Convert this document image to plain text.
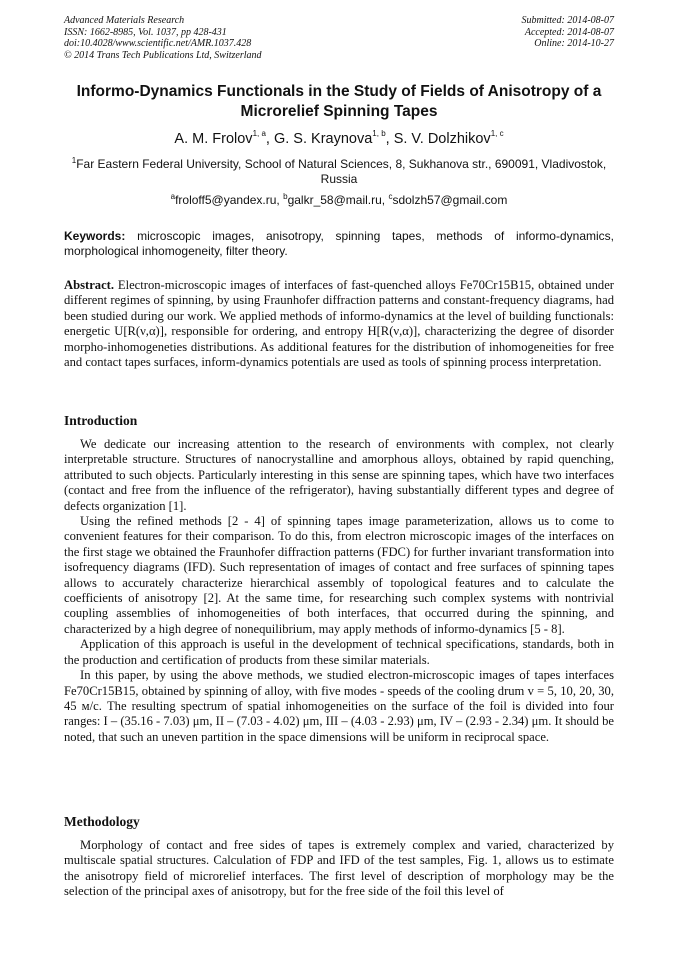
Advanced Materials Research
ISSN: 1662-8985, Vol. 1037, pp 428-431
doi:10.4028/www.scientific.net/AMR.1037.428
© 2014 Trans Tech Publications Ltd, Switzerland
Submitted: 2014-08-07
Accepted: 2014-08-07
Online: 2014-10-27
Informo-Dynamics Functionals in the Study of Fields of Anisotropy of a Microrelief Spinning Tapes
A. M. Frolov$^{1, a}$, G. S. Kraynova$^{1, b}$, S. V. Dolzhikov$^{1, c}$
$^1$Far Eastern Federal University, School of Natural Sciences, 8, Sukhanova str., 690091, Vladivostok, Russia
$^a$froloff5@yandex.ru, $^b$galkr_58@mail.ru, $^c$sdolzh57@gmail.com
Keywords: microscopic images, anisotropy, spinning tapes, methods of informo-dynamics, morphological inhomogeneity, filter theory.

Abstract. Electron-microscopic images of interfaces of fast-quenched alloys Fe70Cr15B15, obtained under different regimes of spinning, by using Fraunhofer diffraction patterns and constant-frequency diagrams, had been studied during our work. We applied methods of informo-dynamics at the level of building functionals: energetic U[R(ν,α)], responsible for ordering, and entropy H[R(ν,α)], characterizing the degree of disorder morpho-inhomogeneties distributions. As additional features for the distribution of inhomogeneities for free and contact tapes surfaces, inform-dynamics potentials are used as tools of spinning process interpretation.

Introduction

We dedicate our increasing attention to the research of environments with complex, not clearly interpretable structure. Structures of nanocrystalline and amorphous alloys, obtained by rapid quenching, attributed to such objects. Particularly interesting in this sense are spinning tapes, which have two interfaces (contact and free from the influence of the refrigerator), having substantially different types and degree of defects organization [1].

Using the refined methods [2 - 4] of spinning tapes image parameterization, allows us to come to convenient features for their comparison. To do this, from electron microscopic images of the interfaces on the first stage we obtained the Fraunhofer diffraction patterns (FDC) for further invariant transformation into isofrequency diagrams (IFD). Such representation of images of contact and free surfaces of spinning tapes allows to accurately characterize hierarchical assembly of topological features and to calculate the coefficients of anisotropy [2]. At the same time, for researching such complex systems with nontrivial coupling assemblies of inhomogeneities of both interfaces, that occurred during the spinning, and characterized by a high degree of nonequilibrium, may apply methods of informo-dynamics [5 - 8].

Application of this approach is useful in the development of technical specifications, standards, both in the production and certification of products from these similar materials.

In this paper, by using the above methods, we studied electron-microscopic images of tapes interfaces Fe70Cr15B15, obtained by spinning of alloy, with five modes - speeds of the cooling drum v = 5, 10, 20, 30, 45 м/с. The resulting spectrum of spatial inhomogeneities on the surface of the foil is divided into four ranges: I – (35.16 - 7.03) μm, II – (7.03 - 4.02) μm, III – (4.03 - 2.93) μm, IV – (2.93 - 2.34) μm. It should be noted, that such an uneven partition in the space dimensions will be uniform in reciprocal space.

Methodology

Morphology of contact and free sides of tapes is extremely complex and varied, characterized by multiscale spatial structures. Calculation of FDP and IFD of the test samples, Fig. 1, allows us to estimate the anisotropy field of microrelief interfaces. The first level of description of morphology may be the selection of the principal axes of anisotropy, but for the free side of the foil this level of
